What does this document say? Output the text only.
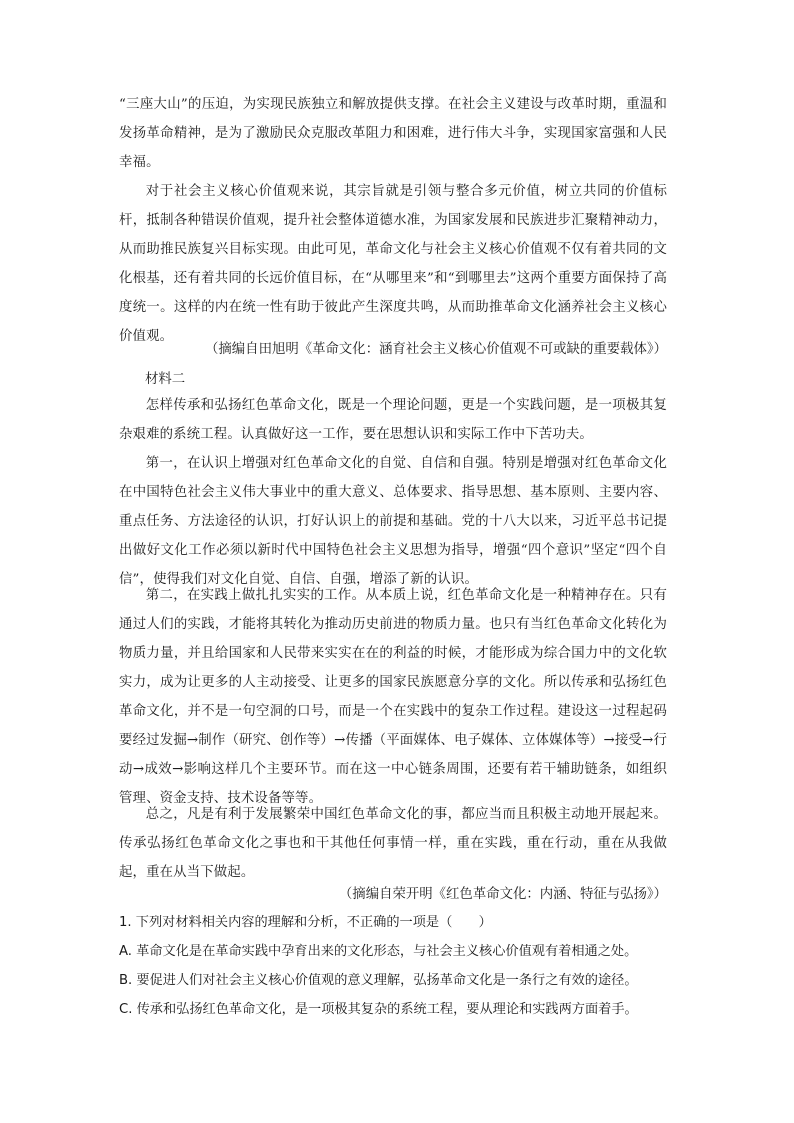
“三座大山”的压迫，为实现民族独立和解放提供支撑。在社会主义建设与改革时期，重温和发扬革命精神，是为了激励民众克服改革阻力和困难，进行伟大斗争，实现国家富强和人民幸福。

对于社会主义核心价值观来说，其宗旨就是引领与整合多元价值，树立共同的价值标杆，抵制各种错误价值观，提升社会整体道德水准，为国家发展和民族进步汇聚精神动力，从而助推民族复兴目标实现。由此可见，革命文化与社会主义核心价值观不仅有着共同的文化根基，还有着共同的长远价值目标，在“从哪里来”和“到哪里去”这两个重要方面保持了高度统一。这样的内在统一性有助于彼此产生深度共鸣，从而助推革命文化涵养社会主义核心价值观。

（摘编自田旭明《革命文化：涵育社会主义核心价值观不可或缺的重要载体》）

材料二

怎样传承和弘扬红色革命文化，既是一个理论问题，更是一个实践问题，是一项极其复杂艰难的系统工程。认真做好这一工作，要在思想认识和实际工作中下苦功夫。

第一，在认识上增强对红色革命文化的自觉、自信和自强。特别是增强对红色革命文化在中国特色社会主义伟大事业中的重大意义、总体要求、指导思想、基本原则、主要内容、重点任务、方法途径的认识，打好认识上的前提和基础。党的十八大以来，习近平总书记提出做好文化工作必须以新时代中国特色社会主义思想为指导，增强“四个意识”坚定“四个自信”，使得我们对文化自觉、自信、自强，增添了新的认识。

第二，在实践上做扎扎实实的工作。从本质上说，红色革命文化是一种精神存在。只有通过人们的实践，才能将其转化为推动历史前进的物质力量。也只有当红色革命文化转化为物质力量，并且给国家和人民带来实实在在的利益的时候，才能形成为综合国力中的文化软实力，成为让更多的人主动接受、让更多的国家民族愿意分享的文化。所以传承和弘扬红色革命文化，并不是一句空洞的口号，而是一个在实践中的复杂工作过程。建设这一过程起码要经过发掘→制作（研究、创作等）→传播（平面媒体、电子媒体、立体媒体等）→接受→行动→成效→影响这样几个主要环节。而在这一中心链条周围，还要有若干辅助链条，如组织管理、资金支持、技术设备等等。

总之，凡是有利于发展繁荣中国红色革命文化的事，都应当而且积极主动地开展起来。传承弘扬红色革命文化之事也和干其他任何事情一样，重在实践，重在行动，重在从我做起，重在从当下做起。

（摘编自荣开明《红色革命文化：内涵、特征与弘扬》）

1. 下列对材料相关内容的理解和分析，不正确的一项是（　　）

A. 革命文化是在革命实践中孕育出来的文化形态，与社会主义核心价值观有着相通之处。

B. 要促进人们对社会主义核心价值观的意义理解，弘扬革命文化是一条行之有效的途径。

C. 传承和弘扬红色革命文化，是一项极其复杂的系统工程，要从理论和实践两方面着手。
